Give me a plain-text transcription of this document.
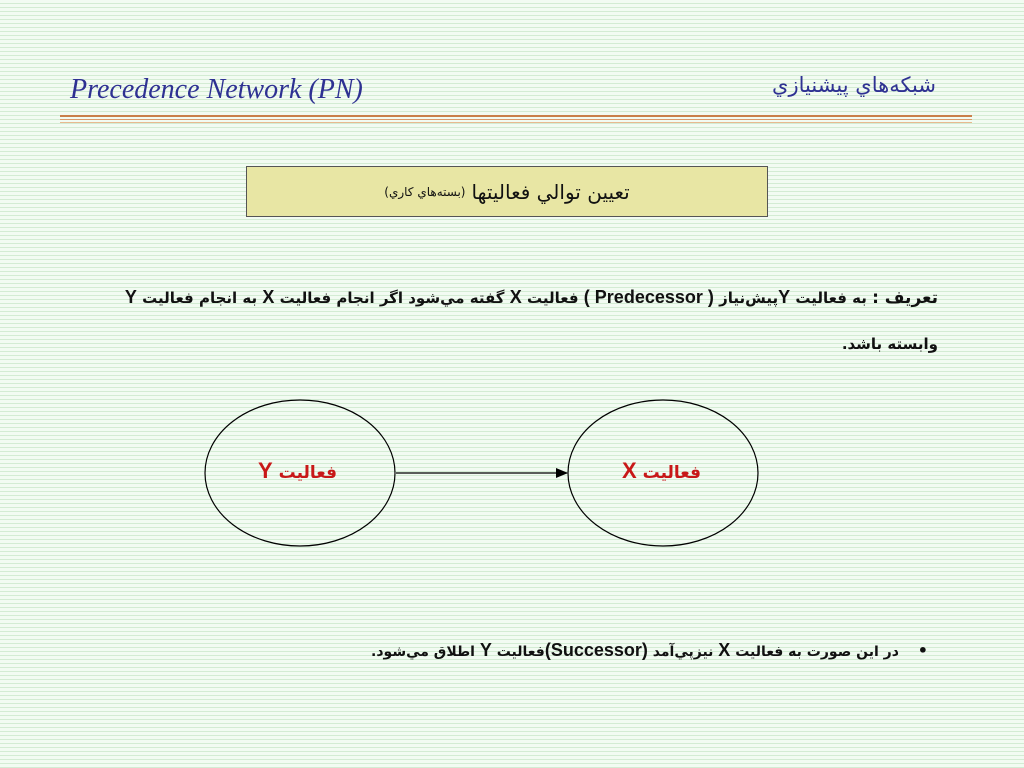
Precedence Network (PN)	شبکه‌هاي پيشنيازي
تعيين توالي فعاليتها
(بسته‌هاي كاري)

تعريف : به فعاليت Yپيش‌نياز ( Predecessor ) فعاليت X گفته مي‌شود اگر انجام فعاليت X به انجام فعاليت Y وابسته باشد.

فعاليت Y	فعاليت X
• در اين صورت به فعاليت X نيزپي‌آمد (Successor)فعاليت Y اطلاق مي‌شود.
